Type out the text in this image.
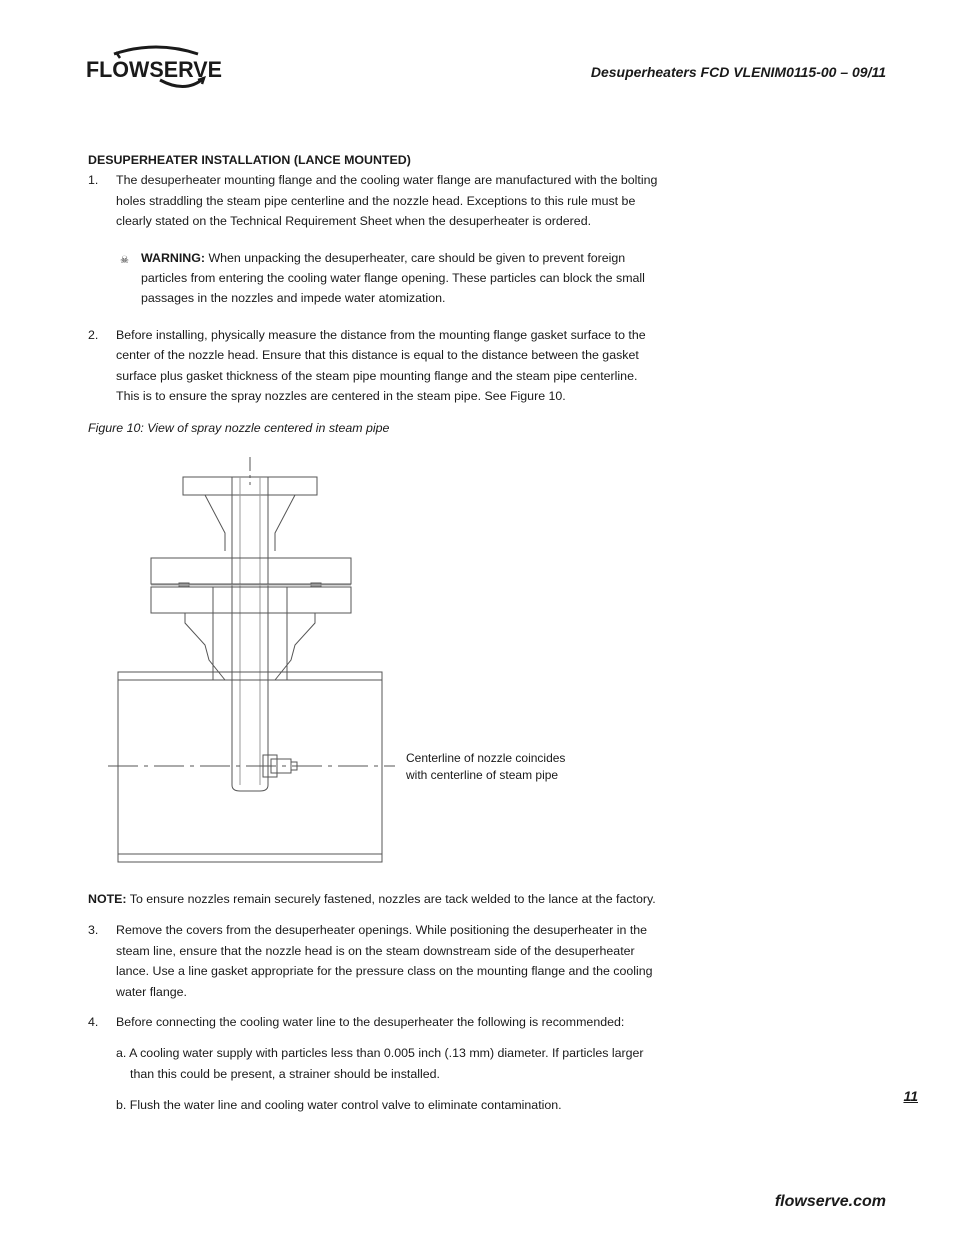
FLOWSERVE	Desuperheaters FCD VLENIM0115-00 – 09/11

DESUPERHEATER INSTALLATION (LANCE MOUNTED)

1. The desuperheater mounting flange and the cooling water flange are manufactured with the bolting holes straddling the steam pipe centerline and the nozzle head. Exceptions to this rule must be clearly stated on the Technical Requirement Sheet when the desuperheater is ordered.

☠ WARNING: When unpacking the desuperheater, care should be given to prevent foreign particles from entering the cooling water flange opening. These particles can block the small passages in the nozzles and impede water atomization.

2. Before installing, physically measure the distance from the mounting flange gasket surface to the center of the nozzle head. Ensure that this distance is equal to the distance between the gasket surface plus gasket thickness of the steam pipe mounting flange and the steam pipe centerline. This is to ensure the spray nozzles are centered in the steam pipe. See Figure 10.

Figure 10: View of spray nozzle centered in steam pipe

Centerline of nozzle coincides
with centerline of steam pipe

NOTE: To ensure nozzles remain securely fastened, nozzles are tack welded to the lance at the factory.

3. Remove the covers from the desuperheater openings. While positioning the desuperheater in the steam line, ensure that the nozzle head is on the steam downstream side of the desuperheater lance. Use a line gasket appropriate for the pressure class on the mounting flange and the cooling water flange.

4. Before connecting the cooling water line to the desuperheater the following is recommended:

a. A cooling water supply with particles less than 0.005 inch (.13 mm) diameter. If particles larger than this could be present, a strainer should be installed.

b. Flush the water line and cooling water control valve to eliminate contamination.

11
flowserve.com
